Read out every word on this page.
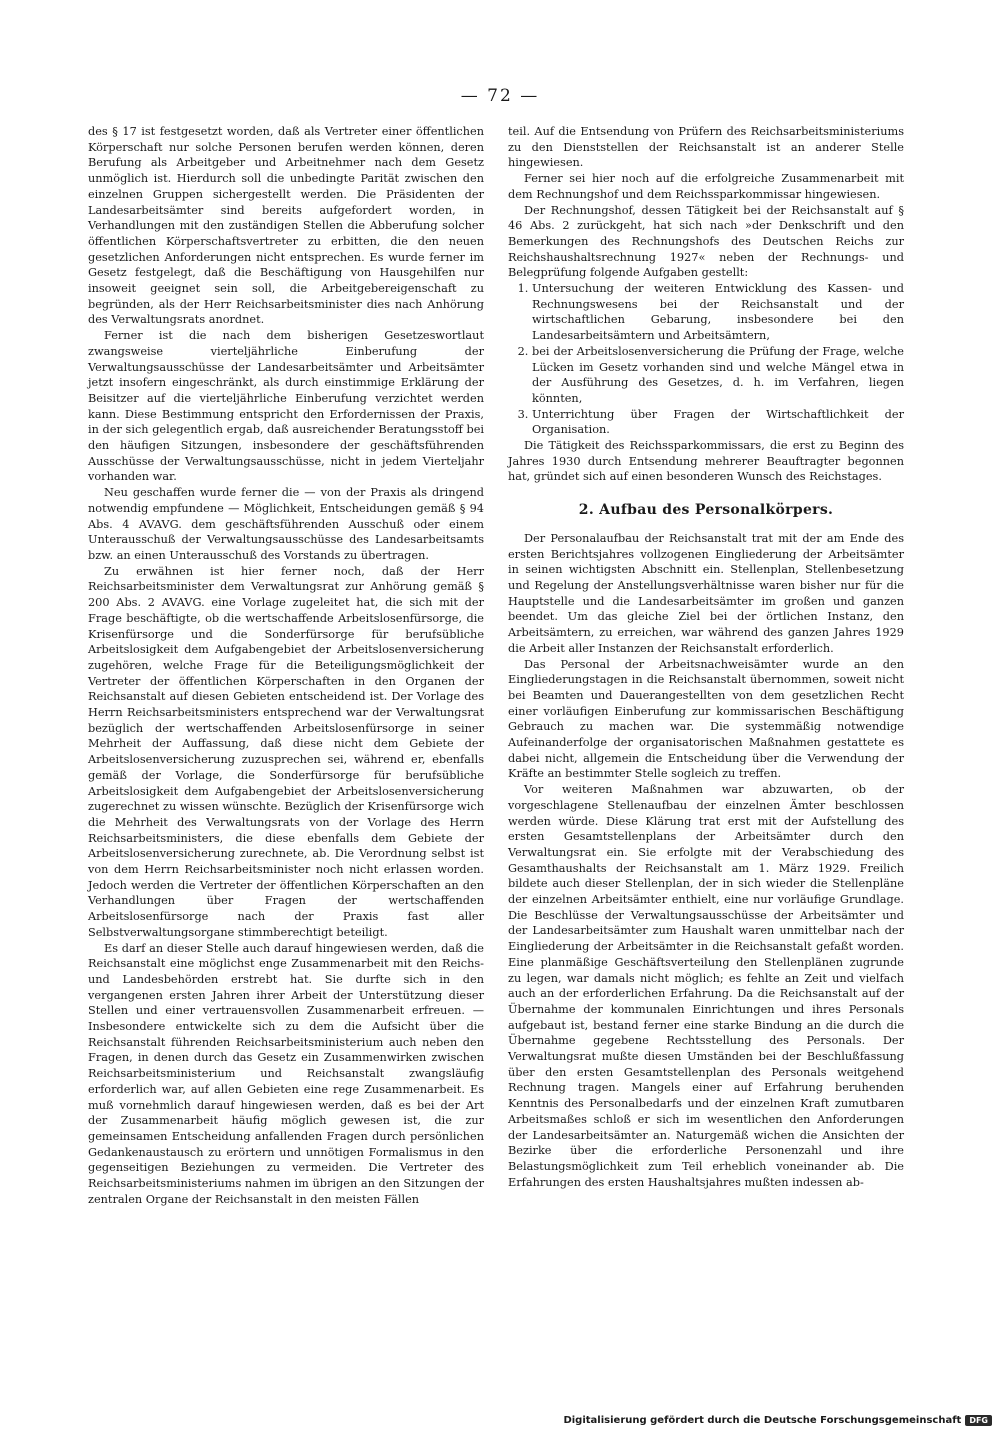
— 72 —

des § 17 ist festgesetzt worden, daß als Vertreter einer öffentlichen Körperschaft nur solche Personen berufen werden können, deren Berufung als Arbeitgeber und Arbeitnehmer nach dem Gesetz unmöglich ist. Hierdurch soll die unbedingte Parität zwischen den einzelnen Gruppen sichergestellt werden. Die Präsidenten der Landesarbeitsämter sind bereits aufgefordert worden, in Verhandlungen mit den zuständigen Stellen die Abberufung solcher öffentlichen Körperschaftsvertreter zu erbitten, die den neuen gesetzlichen Anforderungen nicht entsprechen. Es wurde ferner im Gesetz festgelegt, daß die Beschäftigung von Hausgehilfen nur insoweit geeignet sein soll, die Arbeitgebereigenschaft zu begründen, als der Herr Reichsarbeitsminister dies nach Anhörung des Verwaltungsrats anordnet.

Ferner ist die nach dem bisherigen Gesetzeswortlaut zwangsweise vierteljährliche Einberufung der Verwaltungsausschüsse der Landesarbeitsämter und Arbeitsämter jetzt insofern eingeschränkt, als durch einstimmige Erklärung der Beisitzer auf die vierteljährliche Einberufung verzichtet werden kann. Diese Bestimmung entspricht den Erfordernissen der Praxis, in der sich gelegentlich ergab, daß ausreichender Beratungsstoff bei den häufigen Sitzungen, insbesondere der geschäftsführenden Ausschüsse der Verwaltungsausschüsse, nicht in jedem Vierteljahr vorhanden war.

Neu geschaffen wurde ferner die — von der Praxis als dringend notwendig empfundene — Möglichkeit, Entscheidungen gemäß § 94 Abs. 4 AVAVG. dem geschäftsführenden Ausschuß oder einem Unterausschuß der Verwaltungsausschüsse des Landesarbeitsamts bzw. an einen Unterausschuß des Vorstands zu übertragen.

Zu erwähnen ist hier ferner noch, daß der Herr Reichsarbeitsminister dem Verwaltungsrat zur Anhörung gemäß § 200 Abs. 2 AVAVG. eine Vorlage zugeleitet hat, die sich mit der Frage beschäftigte, ob die wertschaffende Arbeitslosenfürsorge, die Krisenfürsorge und die Sonderfürsorge für berufsübliche Arbeitslosigkeit dem Aufgabengebiet der Arbeitslosenversicherung zugehören, welche Frage für die Beteiligungsmöglichkeit der Vertreter der öffentlichen Körperschaften in den Organen der Reichsanstalt auf diesen Gebieten entscheidend ist. Der Vorlage des Herrn Reichsarbeitsministers entsprechend war der Verwaltungsrat bezüglich der wertschaffenden Arbeitslosenfürsorge in seiner Mehrheit der Auffassung, daß diese nicht dem Gebiete der Arbeitslosenversicherung zuzusprechen sei, während er, ebenfalls gemäß der Vorlage, die Sonderfürsorge für berufsübliche Arbeitslosigkeit dem Aufgabengebiet der Arbeitslosenversicherung zugerechnet zu wissen wünschte. Bezüglich der Krisenfürsorge wich die Mehrheit des Verwaltungsrats von der Vorlage des Herrn Reichsarbeitsministers, die diese ebenfalls dem Gebiete der Arbeitslosenversicherung zurechnete, ab. Die Verordnung selbst ist von dem Herrn Reichsarbeitsminister noch nicht erlassen worden. Jedoch werden die Vertreter der öffentlichen Körperschaften an den Verhandlungen über Fragen der wertschaffenden Arbeitslosenfürsorge nach der Praxis fast aller Selbstverwaltungsorgane stimmberechtigt beteiligt.

Es darf an dieser Stelle auch darauf hingewiesen werden, daß die Reichsanstalt eine möglichst enge Zusammenarbeit mit den Reichs- und Landesbehörden erstrebt hat. Sie durfte sich in den vergangenen ersten Jahren ihrer Arbeit der Unterstützung dieser Stellen und einer vertrauensvollen Zusammenarbeit erfreuen. — Insbesondere entwickelte sich zu dem die Aufsicht über die Reichsanstalt führenden Reichsarbeitsministerium auch neben den Fragen, in denen durch das Gesetz ein Zusammenwirken zwischen Reichsarbeitsministerium und Reichsanstalt zwangsläufig erforderlich war, auf allen Gebieten eine rege Zusammenarbeit. Es muß vornehmlich darauf hingewiesen werden, daß es bei der Art der Zusammenarbeit häufig möglich gewesen ist, die zur gemeinsamen Entscheidung anfallenden Fragen durch persönlichen Gedankenaustausch zu erörtern und unnötigen Formalismus in den gegenseitigen Beziehungen zu vermeiden. Die Vertreter des Reichsarbeitsministeriums nahmen im übrigen an den Sitzungen der zentralen Organe der Reichsanstalt in den meisten Fällen

teil. Auf die Entsendung von Prüfern des Reichsarbeitsministeriums zu den Dienststellen der Reichsanstalt ist an anderer Stelle hingewiesen.

Ferner sei hier noch auf die erfolgreiche Zusammenarbeit mit dem Rechnungshof und dem Reichssparkommissar hingewiesen.

Der Rechnungshof, dessen Tätigkeit bei der Reichsanstalt auf § 46 Abs. 2 zurückgeht, hat sich nach »der Denkschrift und den Bemerkungen des Rechnungshofs des Deutschen Reichs zur Reichshaushaltsrechnung 1927« neben der Rechnungs- und Belegprüfung folgende Aufgaben gestellt:

1. Untersuchung der weiteren Entwicklung des Kassen- und Rechnungswesens bei der Reichsanstalt und der wirtschaftlichen Gebarung, insbesondere bei den Landesarbeitsämtern und Arbeitsämtern,
2. bei der Arbeitslosenversicherung die Prüfung der Frage, welche Lücken im Gesetz vorhanden sind und welche Mängel etwa in der Ausführung des Gesetzes, d. h. im Verfahren, liegen könnten,
3. Unterrichtung über Fragen der Wirtschaftlichkeit der Organisation.

Die Tätigkeit des Reichssparkommissars, die erst zu Beginn des Jahres 1930 durch Entsendung mehrerer Beauftragter begonnen hat, gründet sich auf einen besonderen Wunsch des Reichstages.

2. Aufbau des Personalkörpers.

Der Personalaufbau der Reichsanstalt trat mit der am Ende des ersten Berichtsjahres vollzogenen Eingliederung der Arbeitsämter in seinen wichtigsten Abschnitt ein. Stellenplan, Stellenbesetzung und Regelung der Anstellungsverhältnisse waren bisher nur für die Hauptstelle und die Landesarbeitsämter im großen und ganzen beendet. Um das gleiche Ziel bei der örtlichen Instanz, den Arbeitsämtern, zu erreichen, war während des ganzen Jahres 1929 die Arbeit aller Instanzen der Reichsanstalt erforderlich.

Das Personal der Arbeitsnachweisämter wurde an den Eingliederungstagen in die Reichsanstalt übernommen, soweit nicht bei Beamten und Dauerangestellten von dem gesetzlichen Recht einer vorläufigen Einberufung zur kommissarischen Beschäftigung Gebrauch zu machen war. Die systemmäßig notwendige Aufeinanderfolge der organisatorischen Maßnahmen gestattete es dabei nicht, allgemein die Entscheidung über die Verwendung der Kräfte an bestimmter Stelle sogleich zu treffen.

Vor weiteren Maßnahmen war abzuwarten, ob der vorgeschlagene Stellenaufbau der einzelnen Ämter beschlossen werden würde. Diese Klärung trat erst mit der Aufstellung des ersten Gesamtstellenplans der Arbeitsämter durch den Verwaltungsrat ein. Sie erfolgte mit der Verabschiedung des Gesamthaushalts der Reichsanstalt am 1. März 1929. Freilich bildete auch dieser Stellenplan, der in sich wieder die Stellenpläne der einzelnen Arbeitsämter enthielt, eine nur vorläufige Grundlage. Die Beschlüsse der Verwaltungsausschüsse der Arbeitsämter und der Landesarbeitsämter zum Haushalt waren unmittelbar nach der Eingliederung der Arbeitsämter in die Reichsanstalt gefaßt worden. Eine planmäßige Geschäftsverteilung den Stellenplänen zugrunde zu legen, war damals nicht möglich; es fehlte an Zeit und vielfach auch an der erforderlichen Erfahrung. Da die Reichsanstalt auf der Übernahme der kommunalen Einrichtungen und ihres Personals aufgebaut ist, bestand ferner eine starke Bindung an die durch die Übernahme gegebene Rechtsstellung des Personals. Der Verwaltungsrat mußte diesen Umständen bei der Beschlußfassung über den ersten Gesamtstellenplan des Personals weitgehend Rechnung tragen. Mangels einer auf Erfahrung beruhenden Kenntnis des Personalbedarfs und der einzelnen Kraft zumutbaren Arbeitsmaßes schloß er sich im wesentlichen den Anforderungen der Landesarbeitsämter an. Naturgemäß wichen die Ansichten der Bezirke über die erforderliche Personenzahl und ihre Belastungsmöglichkeit zum Teil erheblich voneinander ab. Die Erfahrungen des ersten Haushaltsjahres mußten indessen ab-

Digitalisierung gefördert durch die Deutsche Forschungsgemeinschaft	DFG
